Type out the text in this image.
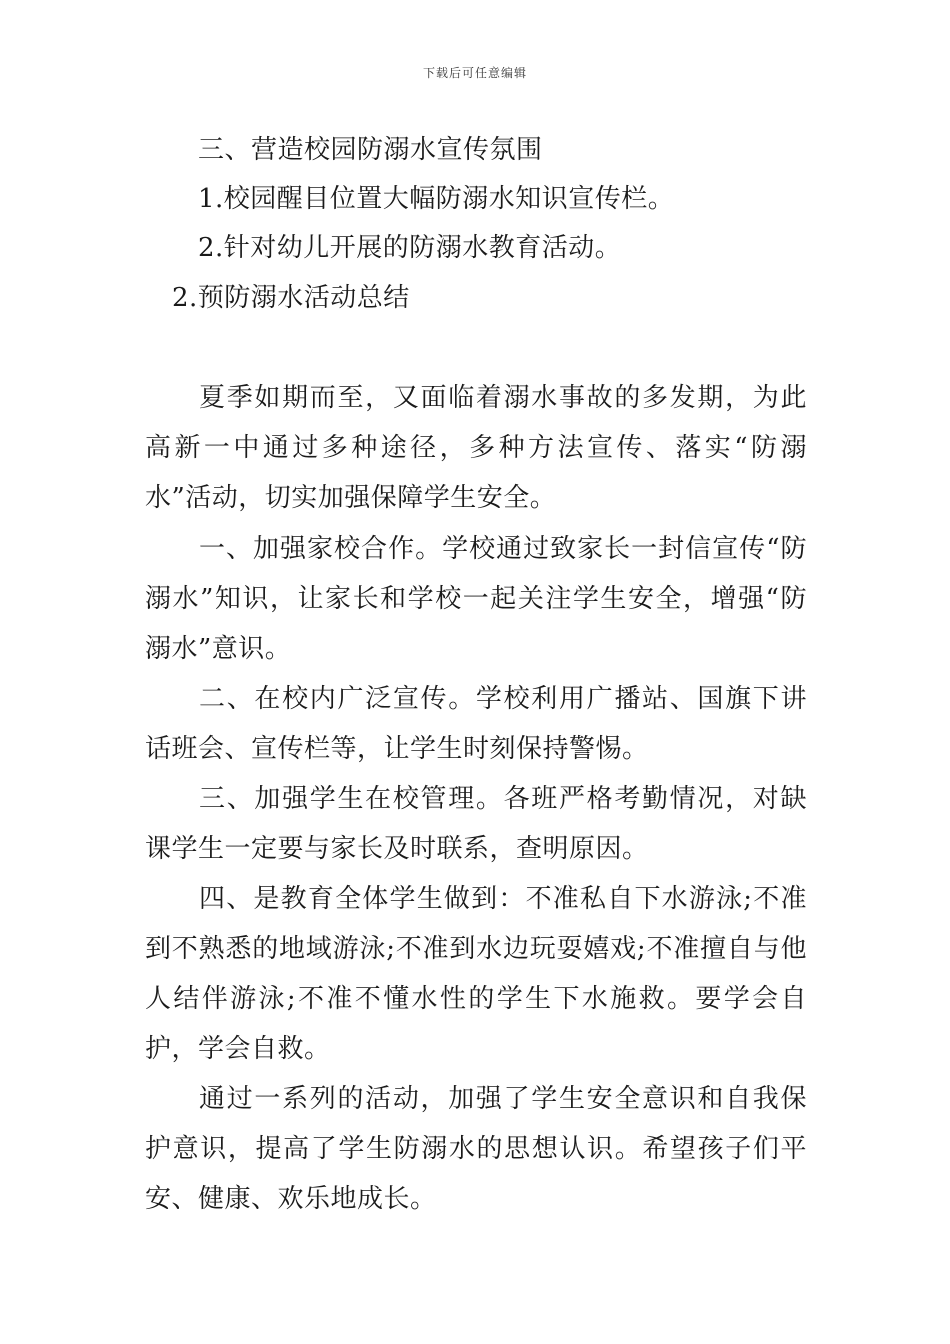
下载后可任意编辑
三、营造校园防溺水宣传氛围
1.校园醒目位置大幅防溺水知识宣传栏。
2.针对幼儿开展的防溺水教育活动。
2.预防溺水活动总结

夏季如期而至，又面临着溺水事故的多发期，为此高新一中通过多种途径，多种方法宣传、落实“防溺水”活动，切实加强保障学生安全。

一、加强家校合作。学校通过致家长一封信宣传“防溺水”知识，让家长和学校一起关注学生安全，增强“防溺水”意识。

二、在校内广泛宣传。学校利用广播站、国旗下讲话班会、宣传栏等，让学生时刻保持警惕。

三、加强学生在校管理。各班严格考勤情况，对缺课学生一定要与家长及时联系，查明原因。

四、是教育全体学生做到：不准私自下水游泳;不准到不熟悉的地域游泳;不准到水边玩耍嬉戏;不准擅自与他人结伴游泳;不准不懂水性的学生下水施救。要学会自护，学会自救。

通过一系列的活动，加强了学生安全意识和自我保护意识，提高了学生防溺水的思想认识。希望孩子们平安、健康、欢乐地成长。
